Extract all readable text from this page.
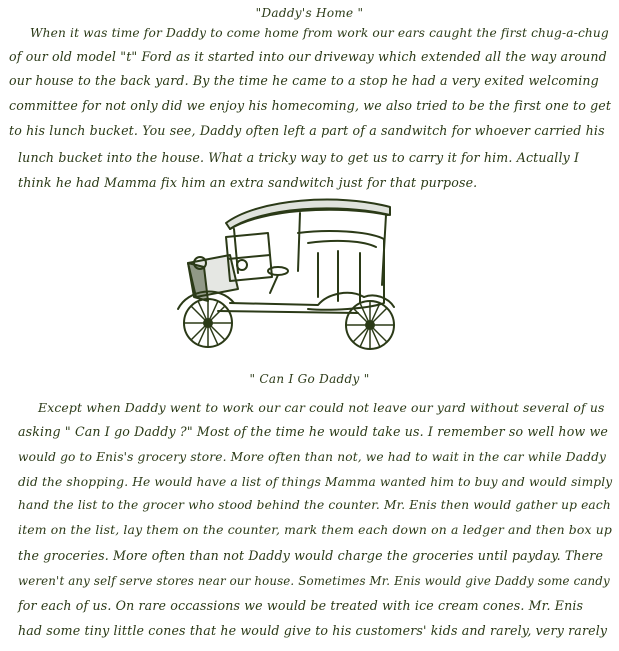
"Daddy's Home "
When it was time for Daddy to come home from work our ears caught the first chug-a-chug
of our old model "t" Ford as it started into our driveway which extended all the way around
our house to the back yard. By the time he came to a stop he had a very exited welcoming
committee for not only did we enjoy his homecoming, we also tried to be the first one to get
to his lunch bucket. You see, Daddy often left a part of a sandwitch for whoever carried his
lunch bucket into the house. What a tricky way to get us to carry it for him. Actually I
think he had Mamma fix him an extra sandwitch just for that purpose.
" Can I Go Daddy "
Except when Daddy went to work our car could not leave our yard without several of us
asking " Can I go Daddy ?" Most of the time he would take us. I remember so well how we
would go to Enis's grocery store. More often than not, we had to wait in the car while Daddy
did the shopping. He would have a list of things Mamma wanted him to buy and would simply
hand the list to the grocer who stood behind the counter. Mr. Enis then would gather up each
item on the list, lay them on the counter, mark them each down on a ledger and then box up
the groceries. More often than not Daddy would charge the groceries until payday. There
weren't any self serve stores near our house. Sometimes Mr. Enis would give Daddy some candy
for each of us. On rare occassions we would be treated with ice cream cones. Mr. Enis
had some tiny little cones that he would give to his customers' kids and rarely, very rarely
